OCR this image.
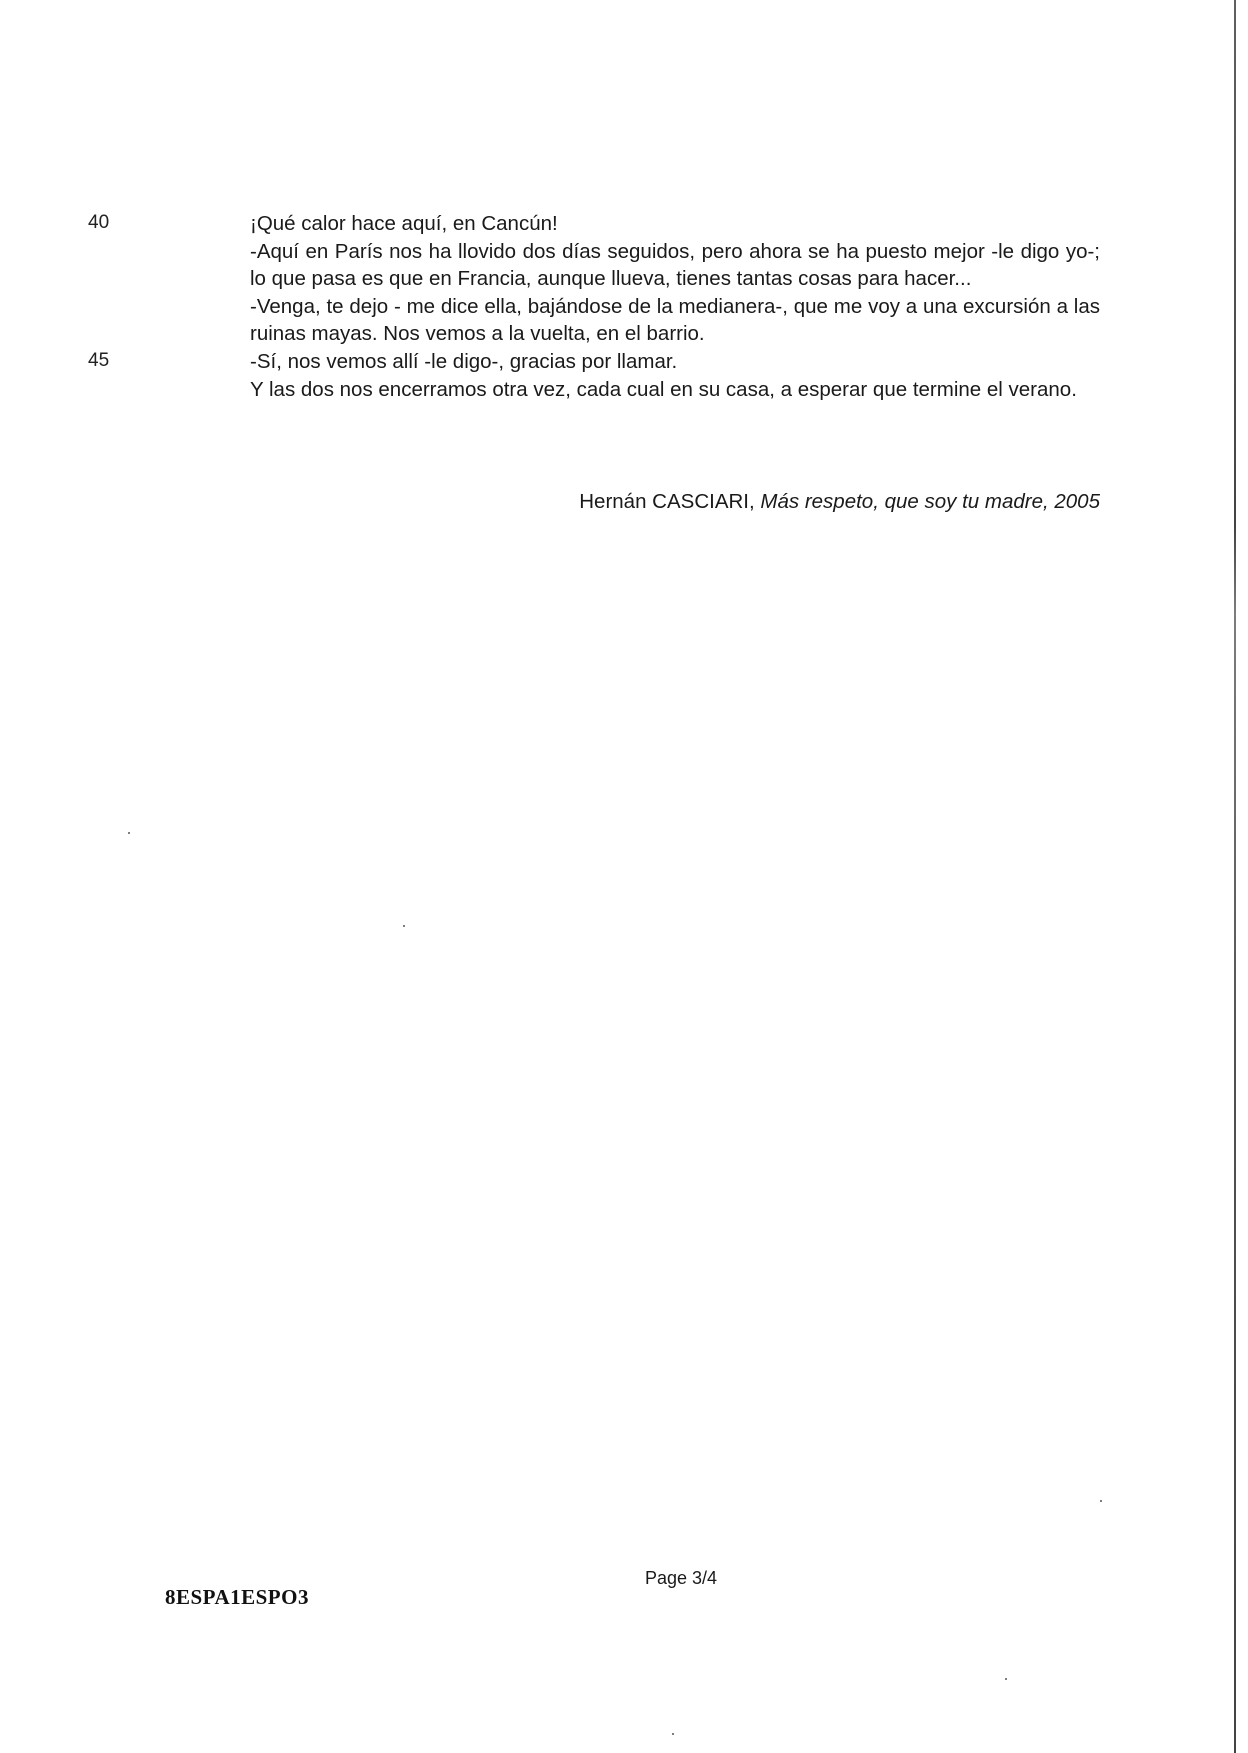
40
45

¡Qué calor hace aquí, en Cancún!

-Aquí en París nos ha llovido dos días seguidos, pero ahora se ha puesto mejor -le digo yo-; lo que pasa es que en Francia, aunque llueva, tienes tantas cosas para hacer...

-Venga, te dejo - me dice ella, bajándose de la medianera-, que me voy a una excursión a las ruinas mayas. Nos vemos a la vuelta, en el barrio.

-Sí, nos vemos allí -le digo-, gracias por llamar.

Y las dos nos encerramos otra vez, cada cual en su casa, a esperar que termine el verano.

Hernán CASCIARI, Más respeto, que soy tu madre, 2005
8ESPA1ESPO3
Page 3/4
